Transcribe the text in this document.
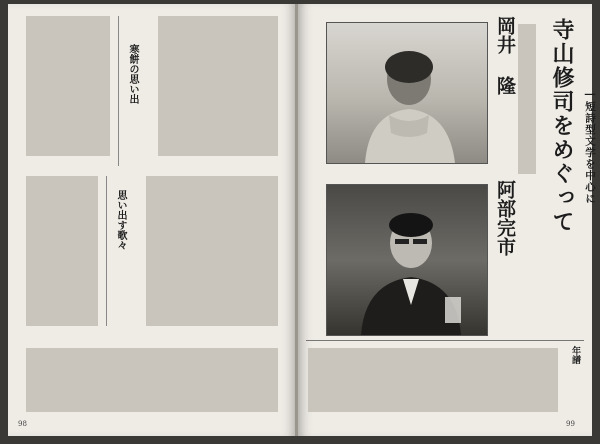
寒餅の思い出
思い出す歌々
98
寺山修司をめぐって ―短詩型文学を中心に
岡井 隆
阿部完市
年譜
99
